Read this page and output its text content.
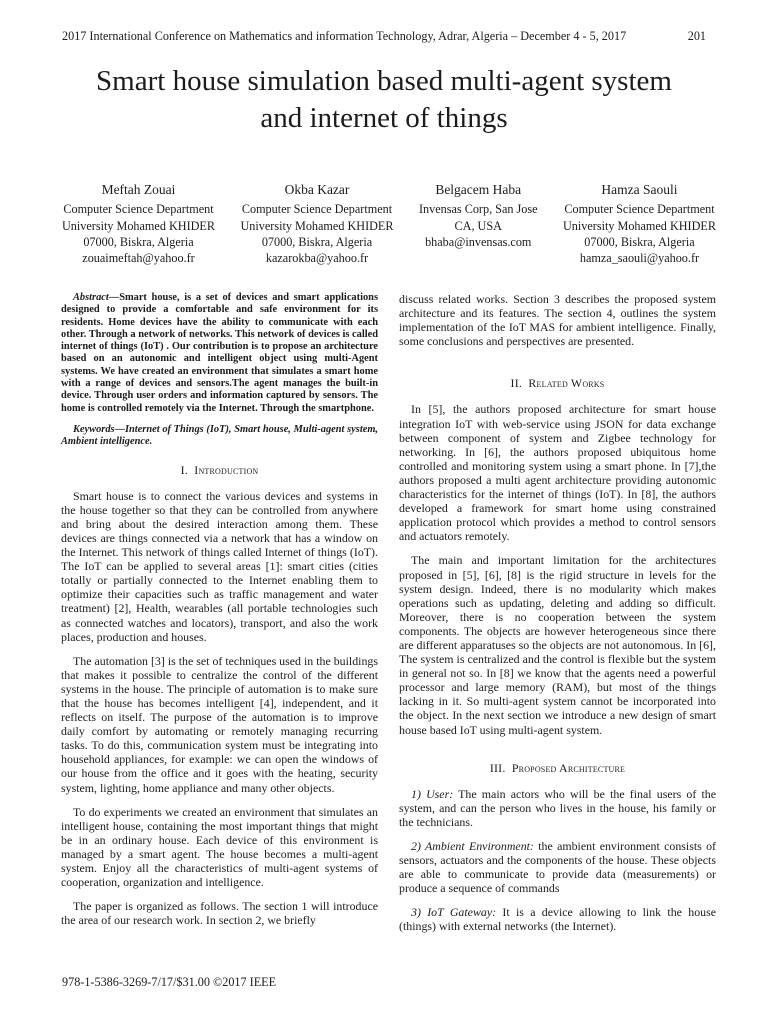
2017 International Conference on Mathematics and information Technology, Adrar, Algeria – December 4 - 5, 2017	201
Smart house simulation based multi-agent system
and internet of things
Meftah Zouai
Computer Science Department
University Mohamed KHIDER
07000, Biskra, Algeria
zouaimeftah@yahoo.fr
Okba Kazar
Computer Science Department
University Mohamed KHIDER
07000, Biskra, Algeria
kazarokba@yahoo.fr
Belgacem Haba
Invensas Corp, San Jose
CA, USA
bhaba@invensas.com
Hamza Saouli
Computer Science Department
University Mohamed KHIDER
07000, Biskra, Algeria
hamza_saouli@yahoo.fr

Abstract—Smart house, is a set of devices and smart applications designed to provide a comfortable and safe environment for its residents. Home devices have the ability to communicate with each other. Through a network of networks. This network of devices is called internet of things (IoT) . Our contribution is to propose an architecture based on an autonomic and intelligent object using multi-Agent systems. We have created an environment that simulates a smart home with a range of devices and sensors.The agent manages the built-in device. Through user orders and information captured by sensors. The home is controlled remotely via the Internet. Through the smartphone.

Keywords—Internet of Things (IoT), Smart house, Multi-agent system, Ambient intelligence.

I. Introduction

Smart house is to connect the various devices and systems in the house together so that they can be controlled from anywhere and bring about the desired interaction among them. These devices are things connected via a network that has a window on the Internet. This network of things called Internet of things (IoT). The IoT can be applied to several areas [1]: smart cities (cities totally or partially connected to the Internet enabling them to optimize their capacities such as traffic management and water treatment) [2], Health, wearables (all portable technologies such as connected watches and locators), transport, and also the work places, production and houses.

The automation [3] is the set of techniques used in the buildings that makes it possible to centralize the control of the different systems in the house. The principle of automation is to make sure that the house has becomes intelligent [4], independent, and it reflects on itself. The purpose of the automation is to improve daily comfort by automating or remotely managing recurring tasks. To do this, communication system must be integrating into household appliances, for example: we can open the windows of our house from the office and it goes with the heating, security system, lighting, home appliance and many other objects.

To do experiments we created an environment that simulates an intelligent house, containing the most important things that might be in an ordinary house. Each device of this environment is managed by a smart agent. The house becomes a multi-agent system. Enjoy all the characteristics of multi-agent systems of cooperation, organization and intelligence.

The paper is organized as follows. The section 1 will introduce the area of our research work. In section 2, we briefly

discuss related works. Section 3 describes the proposed system architecture and its features. The section 4, outlines the system implementation of the IoT MAS for ambient intelligence. Finally, some conclusions and perspectives are presented.

II. Related Works

In [5], the authors proposed architecture for smart house integration IoT with web-service using JSON for data exchange between component of system and Zigbee technology for networking. In [6], the authors proposed ubiquitous home controlled and monitoring system using a smart phone. In [7],the authors proposed a multi agent architecture providing autonomic characteristics for the internet of things (IoT). In [8], the authors developed a framework for smart home using constrained application protocol which provides a method to control sensors and actuators remotely.

The main and important limitation for the architectures proposed in [5], [6], [8] is the rigid structure in levels for the system design. Indeed, there is no modularity which makes operations such as updating, deleting and adding so difficult. Moreover, there is no cooperation between the system components. The objects are however heterogeneous since there are different apparatuses so the objects are not autonomous. In [6], The system is centralized and the control is flexible but the system in general not so. In [8] we know that the agents need a powerful processor and large memory (RAM), but most of the things lacking in it. So multi-agent system cannot be incorporated into the object. In the next section we introduce a new design of smart house based IoT using multi-agent system.

III. Proposed Architecture

1) User: The main actors who will be the final users of the system, and can the person who lives in the house, his family or the technicians.

2) Ambient Environment: the ambient environment consists of sensors, actuators and the components of the house. These objects are able to communicate to provide data (measurements) or produce a sequence of commands

3) IoT Gateway: It is a device allowing to link the house (things) with external networks (the Internet).

978-1-5386-3269-7/17/$31.00 ©2017 IEEE
